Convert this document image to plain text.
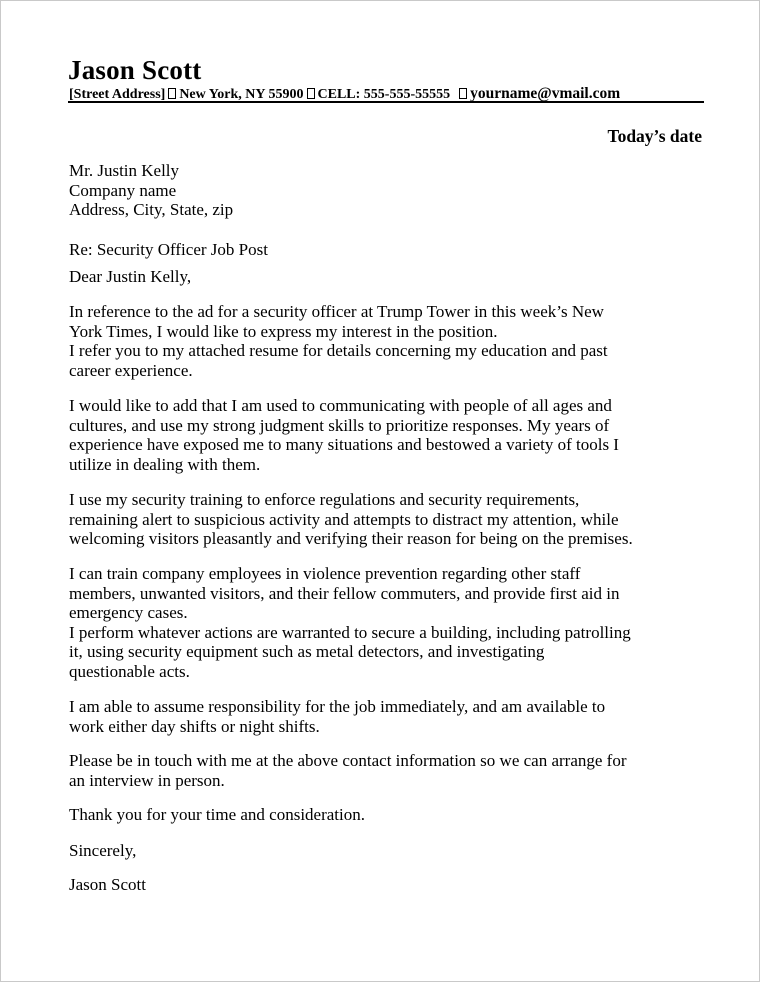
Jason Scott
[Street Address] New York, NY 55900 CELL: 555-555-55555 yourname@vmail.com
Today’s date

Mr. Justin Kelly

Company name

Address, City, State, zip

Re: Security Officer Job Post

Dear Justin Kelly,

In reference to the ad for a security officer at Trump Tower in this week’s New

York Times, I would like to express my interest in the position.

I refer you to my attached resume for details concerning my education and past

career experience.

I would like to add that I am used to communicating with people of all ages and

cultures, and use my strong judgment skills to prioritize responses. My years of

experience have exposed me to many situations and bestowed a variety of tools I

utilize in dealing with them.

I use my security training to enforce regulations and security requirements,

remaining alert to suspicious activity and attempts to distract my attention, while

welcoming visitors pleasantly and verifying their reason for being on the premises.

I can train company employees in violence prevention regarding other staff

members, unwanted visitors, and their fellow commuters, and provide first aid in

emergency cases.

I perform whatever actions are warranted to secure a building, including patrolling

it, using security equipment such as metal detectors, and investigating

questionable acts.

I am able to assume responsibility for the job immediately, and am available to

work either day shifts or night shifts.

Please be in touch with me at the above contact information so we can arrange for

an interview in person.

Thank you for your time and consideration.

Sincerely,

Jason Scott
